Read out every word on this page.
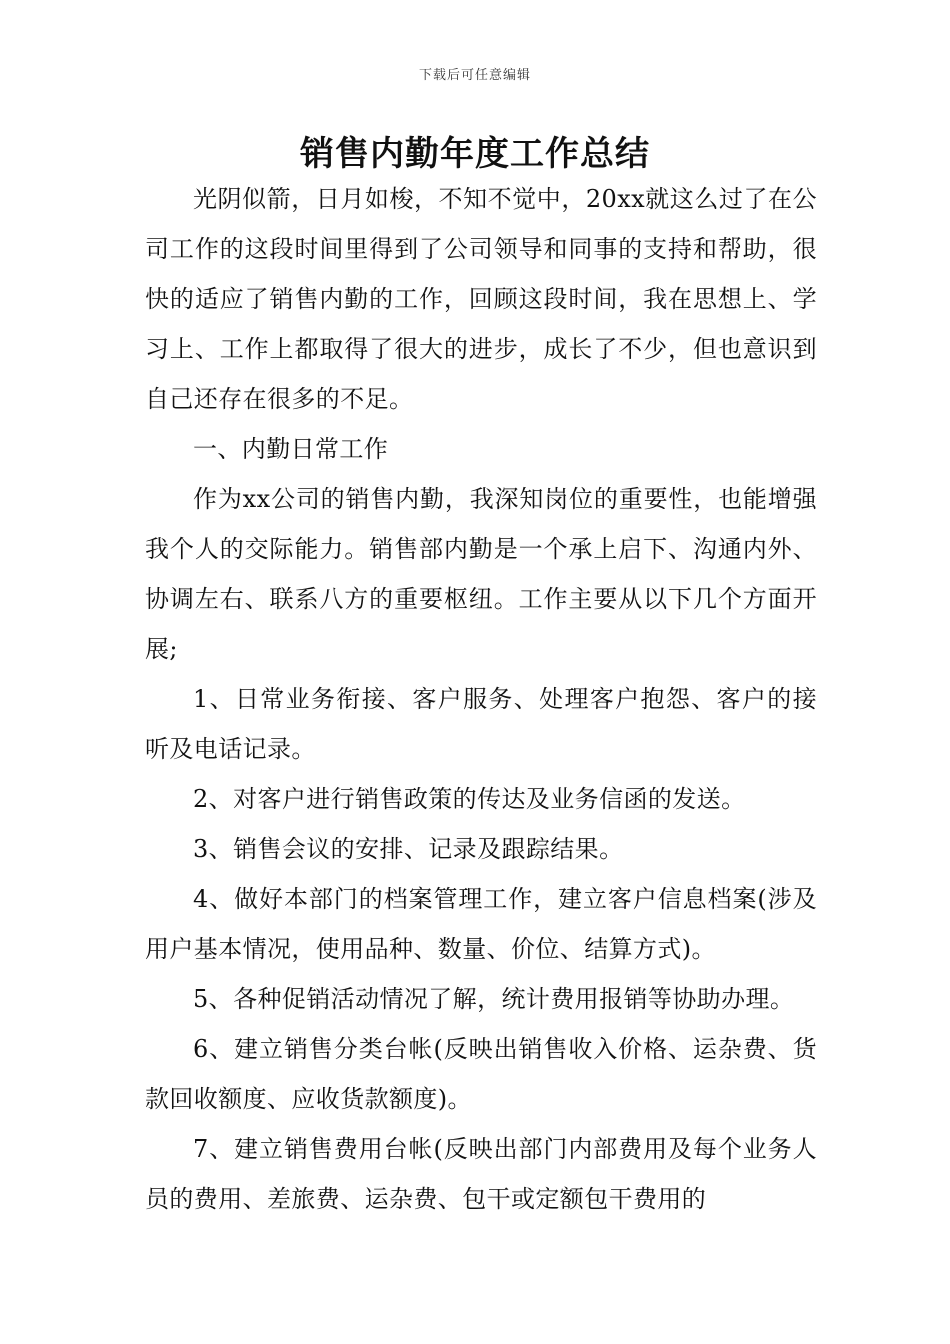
下载后可任意编辑
销售内勤年度工作总结

光阴似箭，日月如梭，不知不觉中，20xx就这么过了在公司工作的这段时间里得到了公司领导和同事的支持和帮助，很快的适应了销售内勤的工作，回顾这段时间，我在思想上、学习上、工作上都取得了很大的进步，成长了不少，但也意识到自己还存在很多的不足。

一、内勤日常工作

作为xx公司的销售内勤，我深知岗位的重要性，也能增强我个人的交际能力。销售部内勤是一个承上启下、沟通内外、协调左右、联系八方的重要枢纽。工作主要从以下几个方面开展;

1、日常业务衔接、客户服务、处理客户抱怨、客户的接听及电话记录。

2、对客户进行销售政策的传达及业务信函的发送。

3、销售会议的安排、记录及跟踪结果。

4、做好本部门的档案管理工作，建立客户信息档案(涉及用户基本情况，使用品种、数量、价位、结算方式)。

5、各种促销活动情况了解，统计费用报销等协助办理。

6、建立销售分类台帐(反映出销售收入价格、运杂费、货款回收额度、应收货款额度)。

7、建立销售费用台帐(反映出部门内部费用及每个业务人员的费用、差旅费、运杂费、包干或定额包干费用的
